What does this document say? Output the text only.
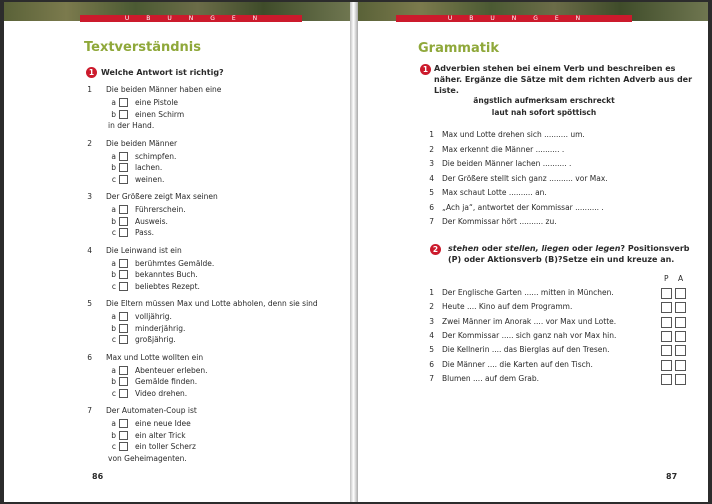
ÜBUNGEN
Textverständnis
1 Welche Antwort ist richtig?
1 Die beiden Männer haben eine
a	eine Pistole
b	einen Schirm
in der Hand.
2 Die beiden Männer
a	schimpfen.
b	lachen.
c	weinen.
3 Der Größere zeigt Max seinen
a	Führerschein.
b	Ausweis.
c	Pass.
4 Die Leinwand ist ein
a	berühmtes Gemälde.
b	bekanntes Buch.
c	beliebtes Rezept.
5 Die Eltern müssen Max und Lotte abholen, denn sie sind
a	volljährig.
b	minderjährig.
c	großjährig.
6 Max und Lotte wollten ein
a	Abenteuer erleben.
b	Gemälde finden.
c	Video drehen.
7 Der Automaten-Coup ist
a	eine neue Idee
b	ein alter Trick
c	ein toller Scherz
von Geheimagenten.
86
ÜBUNGEN
Grammatik
1 Adverbien stehen bei einem Verb und beschreiben es näher. Ergänze die Sätze mit dem richten Adverb aus der Liste.
ängstlich aufmerksam erschreckt
laut nah sofort spöttisch
1 Max und Lotte drehen sich .......... um.
2 Max erkennt die Männer .......... .
3 Die beiden Männer lachen .......... .
4 Der Größere stellt sich ganz .......... vor Max.
5 Max schaut Lotte .......... an.
6 „Ach ja“, antwortet der Kommissar .......... .
7 Der Kommissar hört .......... zu.
2	stehen oder stellen, liegen oder legen? Positionsverb (P) oder Aktionsverb (B)?Setze ein und kreuze an.
P A
1 Der Englische Garten ...... mitten in München.
2 Heute .... Kino auf dem Programm.
3 Zwei Männer im Anorak .... vor Max und Lotte.
4 Der Kommissar ..... sich ganz nah vor Max hin.
5 Die Kellnerin .... das Bierglas auf den Tresen.
6 Die Männer .... die Karten auf den Tisch.
7 Blumen .... auf dem Grab.
87
